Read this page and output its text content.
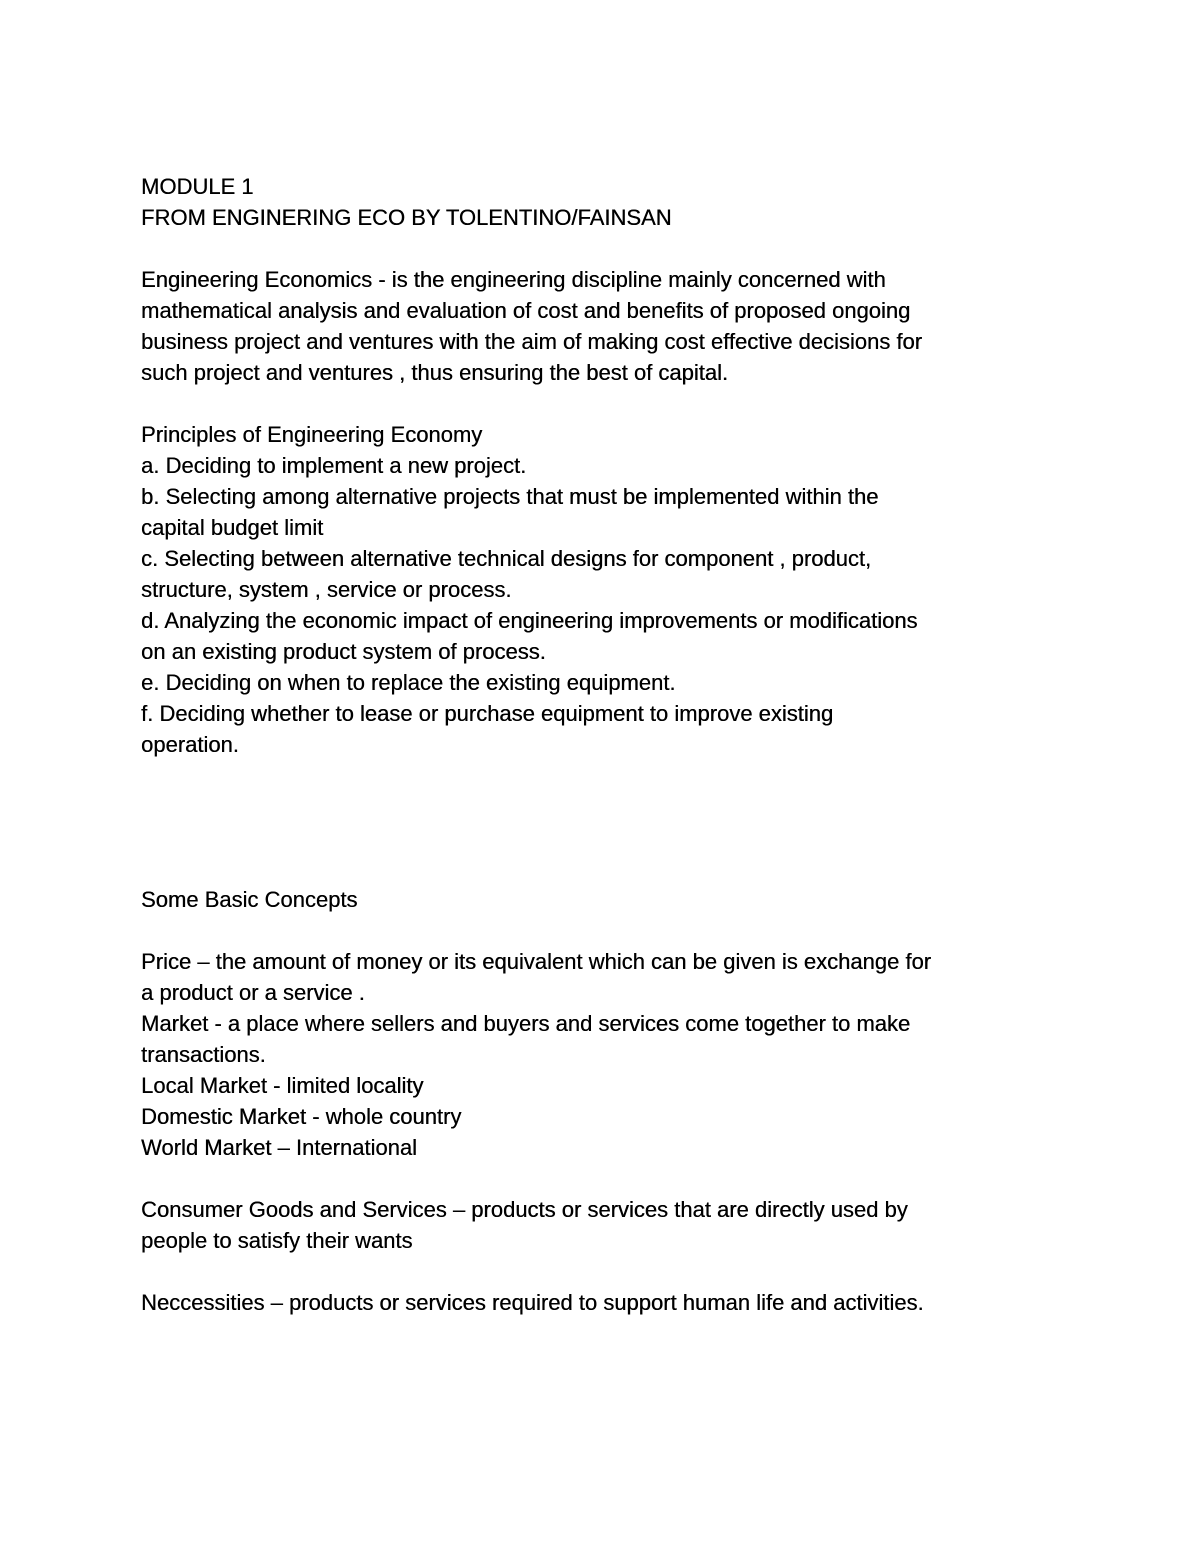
MODULE 1
FROM ENGINERING ECO BY TOLENTINO/FAINSAN
Engineering Economics - is the engineering discipline mainly concerned with
mathematical analysis and evaluation of cost and benefits of proposed ongoing
business project and ventures with the aim of making cost effective decisions for
such project and ventures , thus ensuring the best of capital.
Principles of Engineering Economy
a. Deciding to implement a new project.
b. Selecting among alternative projects that must be implemented within the
capital budget limit
c. Selecting between alternative technical designs for component , product,
structure, system , service or process.
d. Analyzing the economic impact of engineering improvements or modifications
on an existing product system of process.
e. Deciding on when to replace the existing equipment.
f. Deciding whether to lease or purchase equipment to improve existing
operation.
Some Basic Concepts
Price – the amount of money or its equivalent which can be given is exchange for
a product or a service .
Market - a place where sellers and buyers and services come together to make
transactions.
Local Market - limited locality
Domestic Market - whole country
World Market – International
Consumer Goods and Services – products or services that are directly used by
people to satisfy their wants
Neccessities – products or services required to support human life and activities.
